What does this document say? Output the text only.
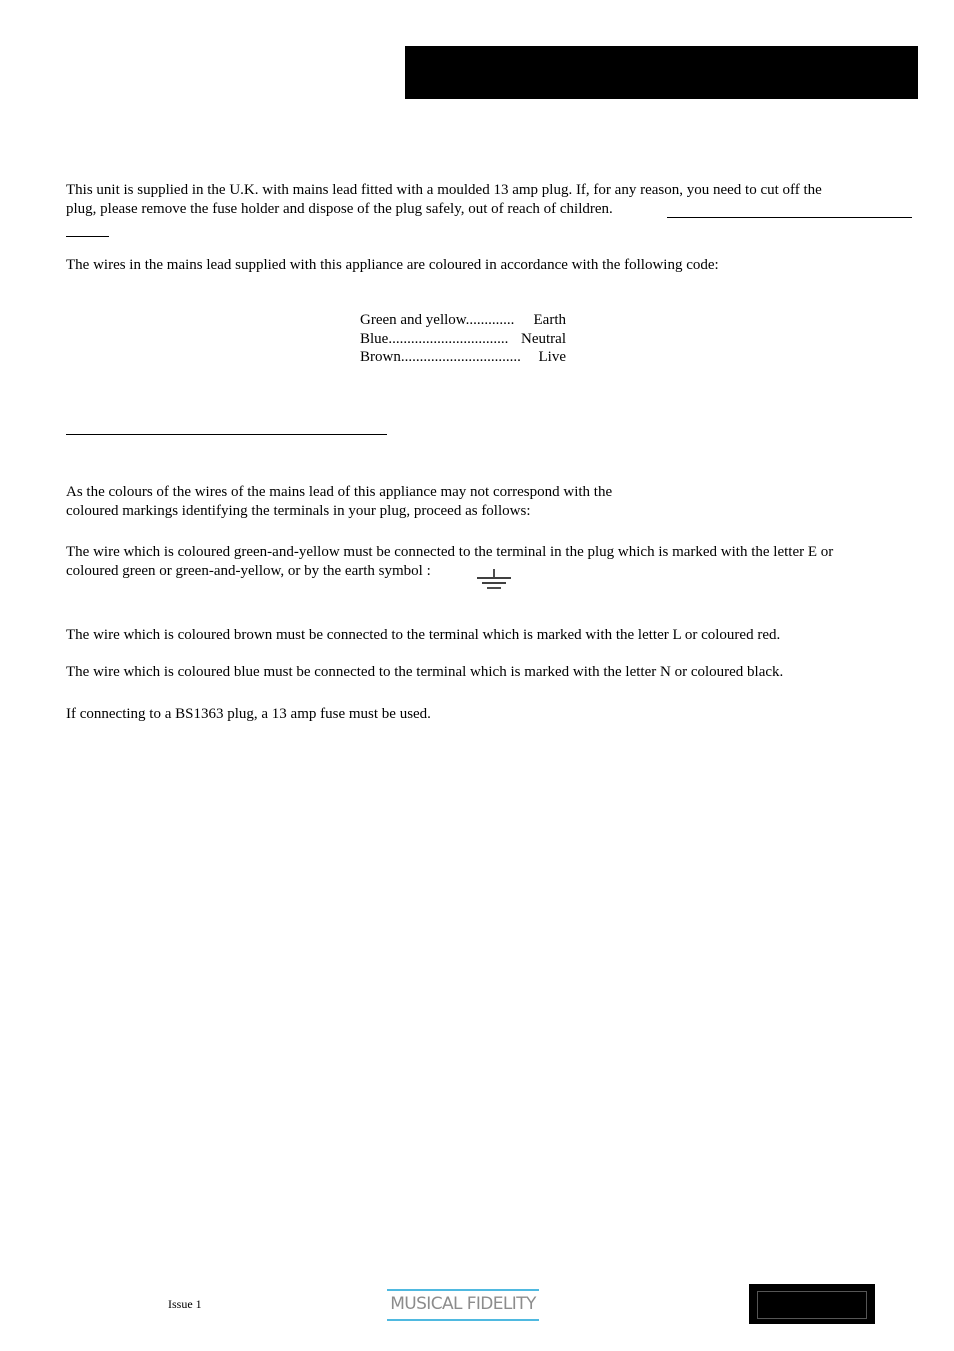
This unit is supplied in the U.K. with mains lead fitted with a moulded 13 amp plug. If, for any reason, you need to cut off the
plug, please remove the fuse holder and dispose of the plug safely, out of reach of children.
The wires in the mains lead supplied with this appliance are coloured in accordance with the following code:
Green and yellow............. Earth
Blue................................ Neutral
Brown................................ Live
As the colours of the wires of the mains lead of this appliance may not correspond with the
coloured markings identifying the terminals in your plug, proceed as follows:
The wire which is coloured green-and-yellow must be connected to the terminal in the plug which is marked with the letter E or
coloured green or green-and-yellow, or by the earth symbol :
The wire which is coloured brown must be connected to the terminal which is marked with the letter L or coloured red.
The wire which is coloured blue must be connected to the terminal which is marked with the letter N or coloured black.
If connecting to a BS1363 plug, a 13 amp fuse must be used.
Issue 1	MUSICAL FIDELITY
